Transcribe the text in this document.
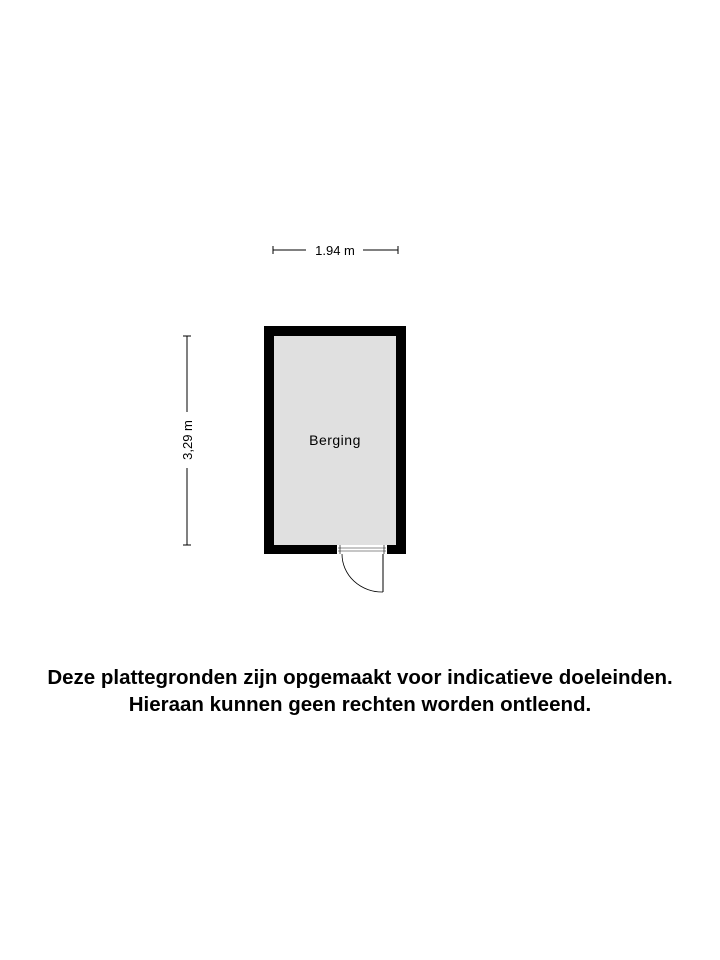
1.94 m
3,29 m	Berging
Deze plattegronden zijn opgemaakt voor indicatieve doeleinden.
Hieraan kunnen geen rechten worden ontleend.
